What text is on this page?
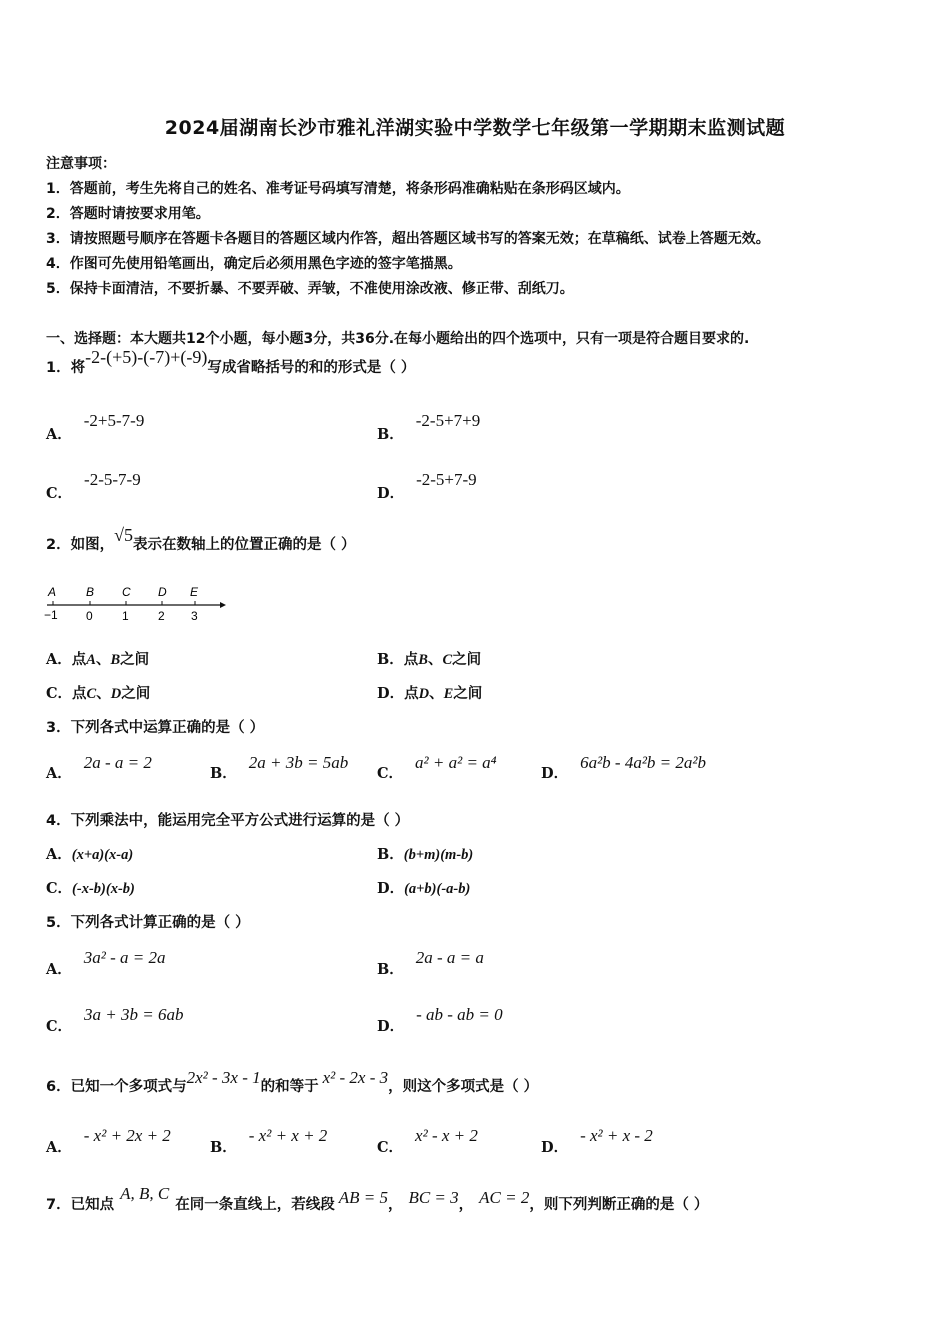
2024届湖南长沙市雅礼洋湖实验中学数学七年级第一学期期末监测试题
注意事项：
1．答题前，考生先将自己的姓名、准考证号码填写清楚，将条形码准确粘贴在条形码区域内。
2．答题时请按要求用笔。
3．请按照题号顺序在答题卡各题目的答题区域内作答，超出答题区域书写的答案无效；在草稿纸、试卷上答题无效。
4．作图可先使用铅笔画出，确定后必须用黑色字迹的签字笔描黑。
5．保持卡面清洁，不要折暴、不要弄破、弄皱，不准使用涂改液、修正带、刮纸刀。
一、选择题：本大题共12个小题，每小题3分，共36分.在每小题给出的四个选项中，只有一项是符合题目要求的.
1．将-2-(+5)-(-7)+(-9)写成省略括号的和的形式是（ ）
A．-2+5-7-9
B．-2-5+7+9
C．-2-5-7-9
D．-2-5+7-9
2．如图，√5表示在数轴上的位置正确的是（ ）
A B C D E
−1 0 1 2 3
A．点A、B之间	B．点B、C之间
C．点C、D之间	D．点D、E之间
3．下列各式中运算正确的是（ ）
A．2a - a = 2
B．2a + 3b = 5ab
C．a² + a² = a⁴
D．6a²b - 4a²b = 2a²b
4．下列乘法中，能运用完全平方公式进行运算的是（ ）
A．(x+a)(x-a)	B．(b+m)(m-b)
C．(-x-b)(x-b)	D．(a+b)(-a-b)
5．下列各式计算正确的是（ ）
A．3a² - a = 2a
B．2a - a = a
C．3a + 3b = 6ab
D．- ab - ab = 0
6．已知一个多项式与2x² - 3x - 1的和等于 x² - 2x - 3，则这个多项式是（ ）
A．- x² + 2x + 2
B．- x² + x + 2
C．x² - x + 2
D．- x² + x - 2
7．已知点A, B, C在同一条直线上，若线段 AB = 5， BC = 3， AC = 2，则下列判断正确的是（ ）
